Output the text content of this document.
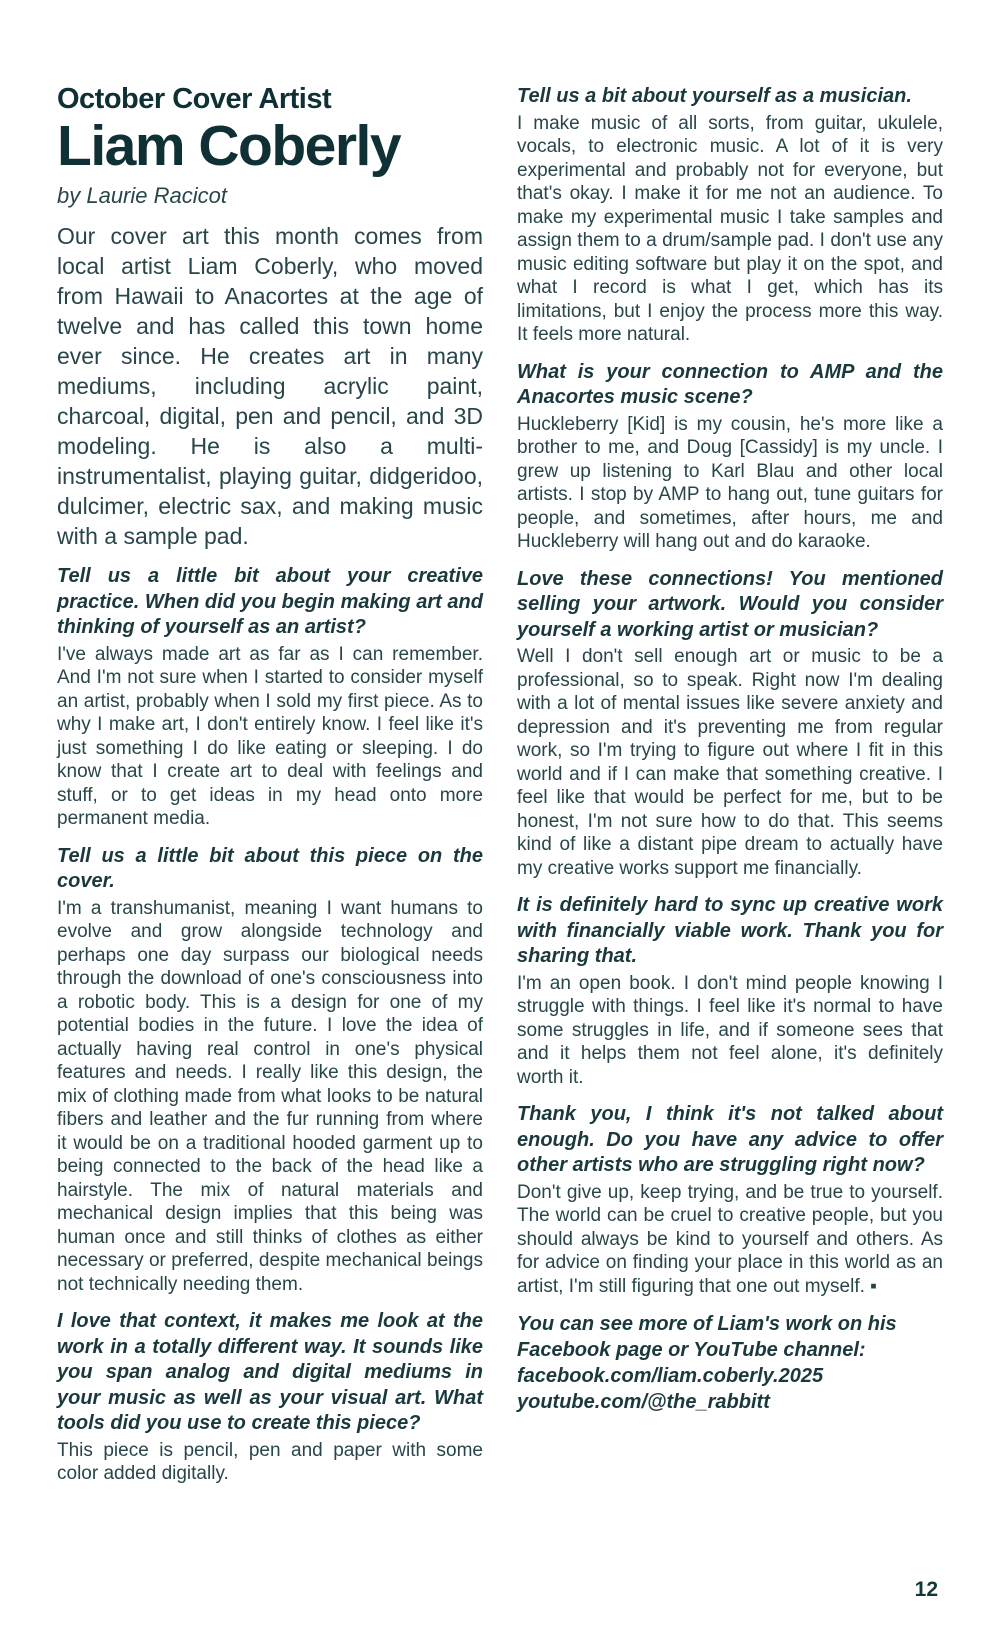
October Cover Artist
Liam Coberly
by Laurie Racicot

Our cover art this month comes from local artist Liam Coberly, who moved from Hawaii to Anacortes at the age of twelve and has called this town home ever since. He creates art in many mediums, including acrylic paint, charcoal, digital, pen and pencil, and 3D modeling. He is also a multi-instrumentalist, playing guitar, didgeridoo, dulcimer, electric sax, and making music with a sample pad.

Tell us a little bit about your creative practice. When did you begin making art and thinking of yourself as an artist?

I've always made art as far as I can remember. And I'm not sure when I started to consider myself an artist, probably when I sold my first piece. As to why I make art, I don't entirely know. I feel like it's just something I do like eating or sleeping. I do know that I create art to deal with feelings and stuff, or to get ideas in my head onto more permanent media.

Tell us a little bit about this piece on the cover.

I'm a transhumanist, meaning I want humans to evolve and grow alongside technology and perhaps one day surpass our biological needs through the download of one's consciousness into a robotic body. This is a design for one of my potential bodies in the future. I love the idea of actually having real control in one's physical features and needs. I really like this design, the mix of clothing made from what looks to be natural fibers and leather and the fur running from where it would be on a traditional hooded garment up to being connected to the back of the head like a hairstyle. The mix of natural materials and mechanical design implies that this being was human once and still thinks of clothes as either necessary or preferred, despite mechanical beings not technically needing them.

I love that context, it makes me look at the work in a totally different way. It sounds like you span analog and digital mediums in your music as well as your visual art. What tools did you use to create this piece?

This piece is pencil, pen and paper with some color added digitally.

Tell us a bit about yourself as a musician.

I make music of all sorts, from guitar, ukulele, vocals, to electronic music. A lot of it is very experimental and probably not for everyone, but that's okay. I make it for me not an audience. To make my experimental music I take samples and assign them to a drum/sample pad. I don't use any music editing software but play it on the spot, and what I record is what I get, which has its limitations, but I enjoy the process more this way. It feels more natural.

What is your connection to AMP and the Anacortes music scene?

Huckleberry [Kid] is my cousin, he's more like a brother to me, and Doug [Cassidy] is my uncle. I grew up listening to Karl Blau and other local artists. I stop by AMP to hang out, tune guitars for people, and sometimes, after hours, me and Huckleberry will hang out and do karaoke.

Love these connections! You mentioned selling your artwork. Would you consider yourself a working artist or musician?

Well I don't sell enough art or music to be a professional, so to speak. Right now I'm dealing with a lot of mental issues like severe anxiety and depression and it's preventing me from regular work, so I'm trying to figure out where I fit in this world and if I can make that something creative. I feel like that would be perfect for me, but to be honest, I'm not sure how to do that. This seems kind of like a distant pipe dream to actually have my creative works support me financially.

It is definitely hard to sync up creative work with financially viable work. Thank you for sharing that.

I'm an open book. I don't mind people knowing I struggle with things. I feel like it's normal to have some struggles in life, and if someone sees that and it helps them not feel alone, it's definitely worth it.

Thank you, I think it's not talked about enough. Do you have any advice to offer other artists who are struggling right now?

Don't give up, keep trying, and be true to yourself. The world can be cruel to creative people, but you should always be kind to yourself and others. As for advice on finding your place in this world as an artist, I'm still figuring that one out myself. ▪

You can see more of Liam's work on his Facebook page or YouTube channel:

facebook.com/liam.coberly.2025

youtube.com/@the_rabbitt

12
